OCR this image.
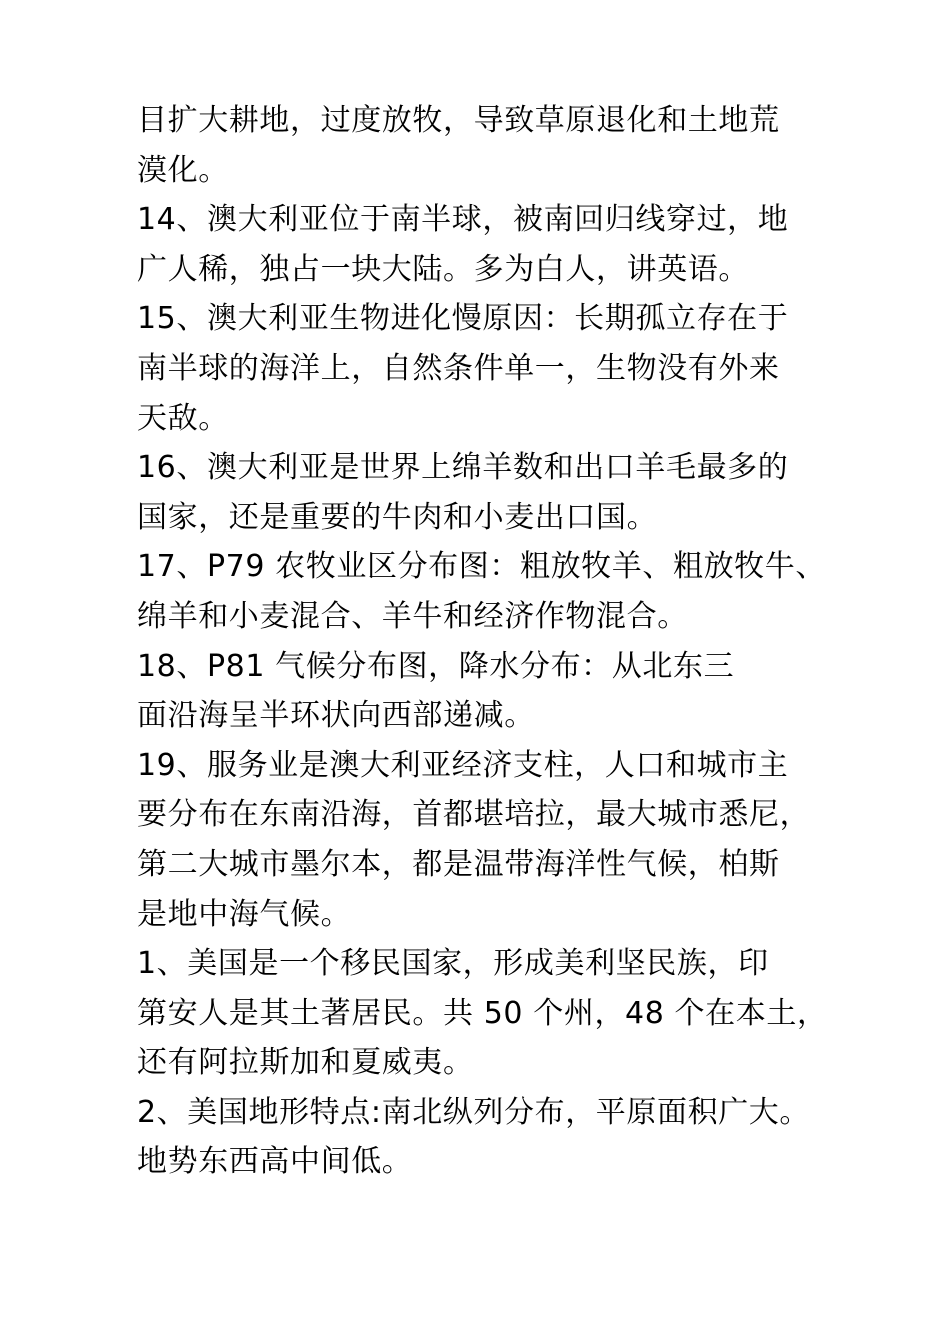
目扩大耕地，过度放牧，导致草原退化和土地荒
漠化。
14、澳大利亚位于南半球，被南回归线穿过，地
广人稀，独占一块大陆。多为白人，讲英语。
15、澳大利亚生物进化慢原因：长期孤立存在于
南半球的海洋上，自然条件单一，生物没有外来
天敌。
16、澳大利亚是世界上绵羊数和出口羊毛最多的
国家，还是重要的牛肉和小麦出口国。
17、P79 农牧业区分布图：粗放牧羊、粗放牧牛、
绵羊和小麦混合、羊牛和经济作物混合。
18、P81 气候分布图，降水分布：从北东三
面沿海呈半环状向西部递减。
19、服务业是澳大利亚经济支柱，人口和城市主
要分布在东南沿海，首都堪培拉，最大城市悉尼，
第二大城市墨尔本，都是温带海洋性气候，柏斯
是地中海气候。
1、美国是一个移民国家，形成美利坚民族，印
第安人是其土著居民。共 50 个州，48 个在本土，
还有阿拉斯加和夏威夷。
2、美国地形特点:南北纵列分布，平原面积广大。
地势东西高中间低。
